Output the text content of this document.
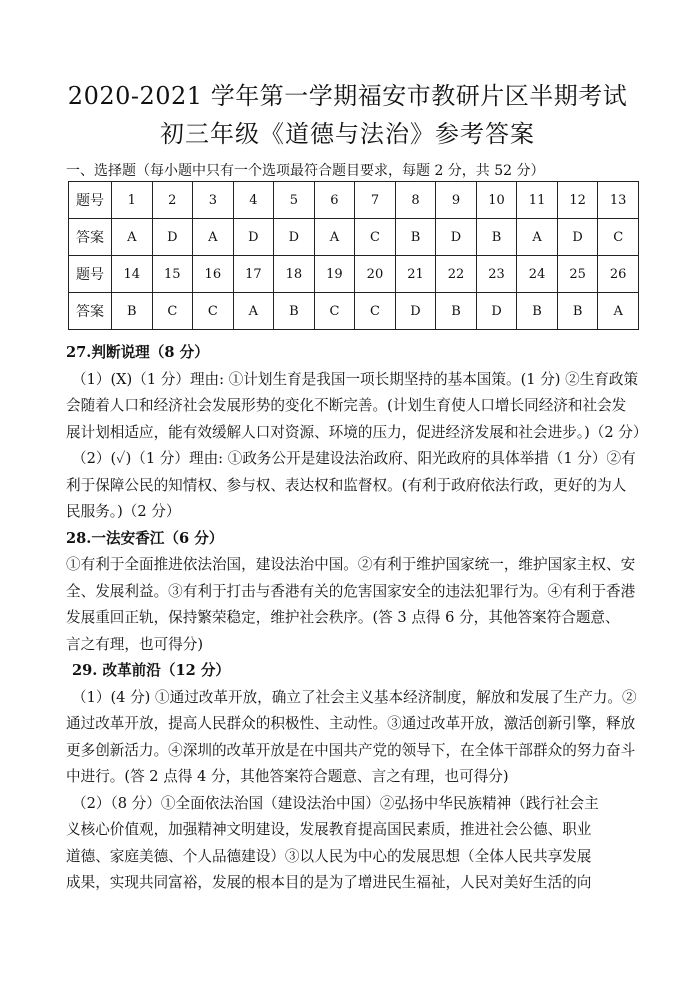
2020-2021 学年第一学期福安市教研片区半期考试
初三年级《道德与法治》参考答案
一、选择题（每小题中只有一个选项最符合题目要求，每题 2 分，共 52 分）
题号	1	2	3	4	5	6	7	8	9	10	11	12	13
答案	A	D	A	D	D	A	C	B	D	B	A	D	C
题号	14	15	16	17	18	19	20	21	22	23	24	25	26
答案	B	C	C	A	B	C	C	D	B	D	B	B	A

27.判断说理（8 分）

（1）(X)（1 分）理由: ①计划生育是我国一项长期坚持的基本国策。(1 分) ②生育政策

会随着人口和经济社会发展形势的变化不断完善。(计划生育使人口增长同经济和社会发

展计划相适应，能有效缓解人口对资源、环境的压力，促进经济发展和社会进步。)（2 分）

（2）(✓)（1 分）理由: ①政务公开是建设法治政府、阳光政府的具体举措（1 分）②有

利于保障公民的知情权、参与权、表达权和监督权。(有利于政府依法行政，更好的为人

民服务。)（2 分）

28.一法安香江（6 分）

①有利于全面推进依法治国，建设法治中国。②有利于维护国家统一，维护国家主权、安

全、发展利益。③有利于打击与香港有关的危害国家安全的违法犯罪行为。④有利于香港

发展重回正轨，保持繁荣稳定，维护社会秩序。(答 3 点得 6 分，其他答案符合题意、

言之有理，也可得分)

29. 改革前沿（12 分）

（1）(4 分) ①通过改革开放，确立了社会主义基本经济制度，解放和发展了生产力。②

通过改革开放，提高人民群众的积极性、主动性。③通过改革开放，激活创新引擎，释放

更多创新活力。④深圳的改革开放是在中国共产党的领导下，在全体干部群众的努力奋斗

中进行。(答 2 点得 4 分，其他答案符合题意、言之有理，也可得分)

（2）（8 分）①全面依法治国（建设法治中国）②弘扬中华民族精神（践行社会主

义核心价值观，加强精神文明建设，发展教育提高国民素质，推进社会公德、职业

道德、家庭美德、个人品德建设）③以人民为中心的发展思想（全体人民共享发展

成果，实现共同富裕，发展的根本目的是为了增进民生福祉，人民对美好生活的向
